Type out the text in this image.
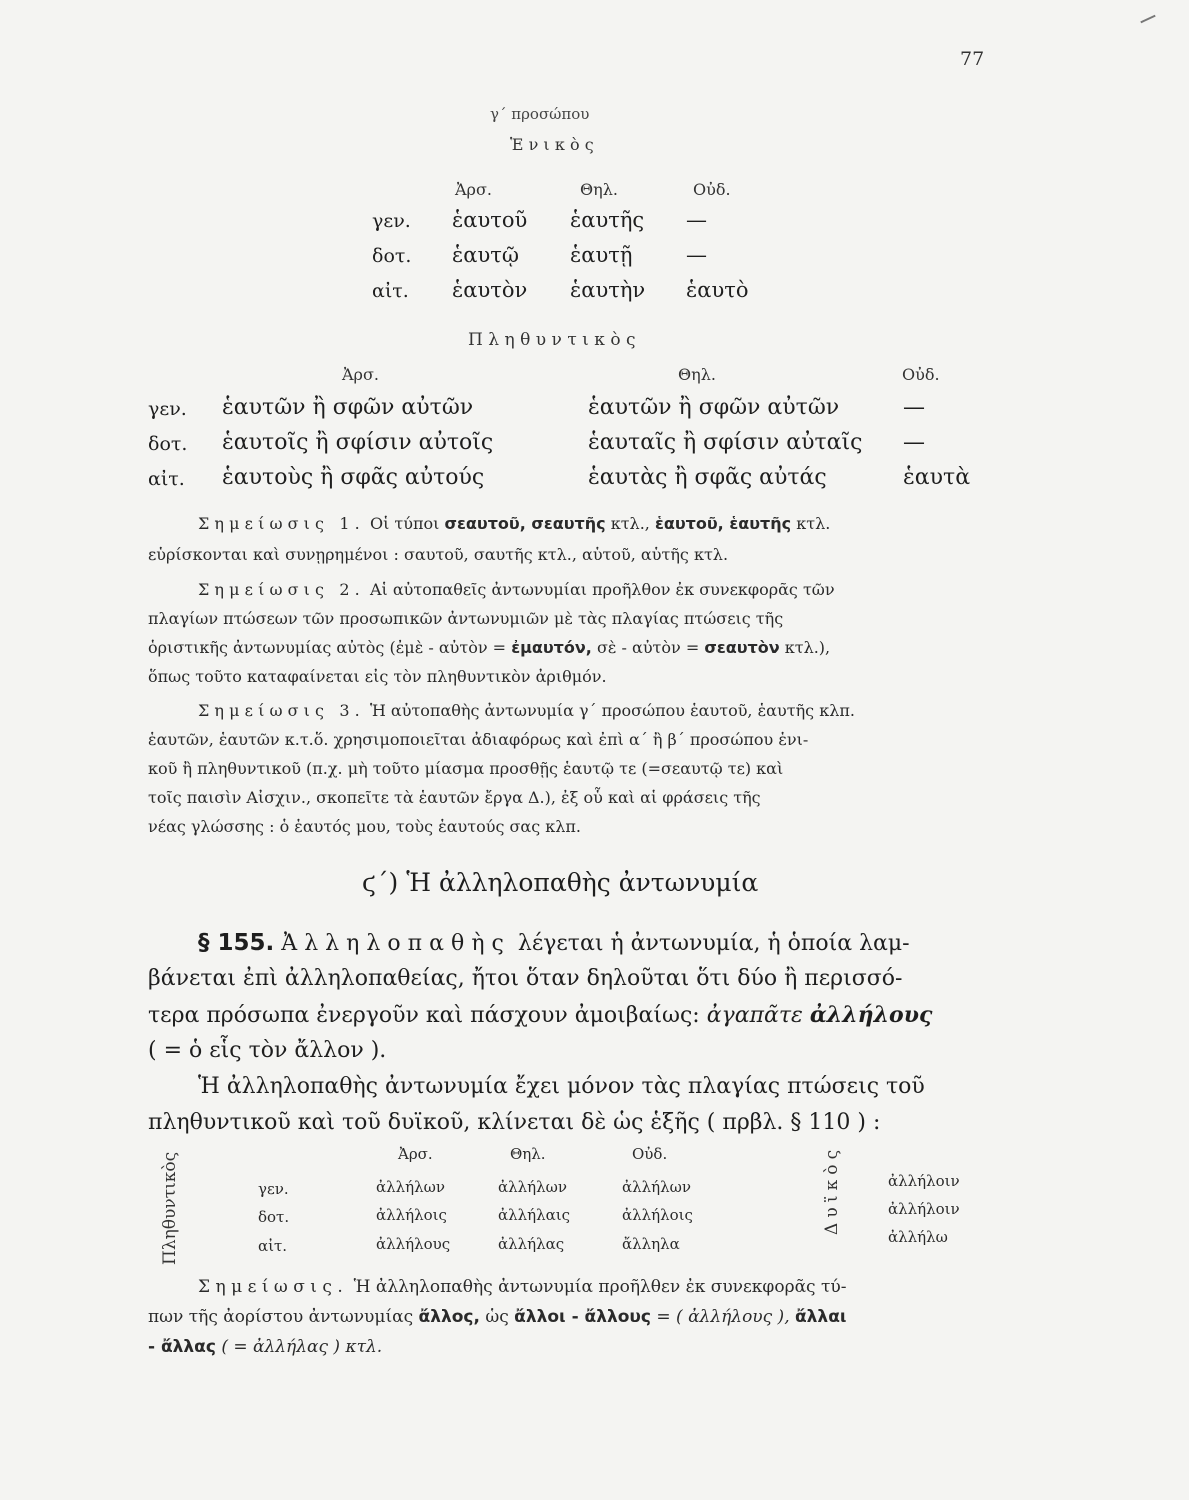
77
γ΄ προσώπου
Ἑνικὸς
Ἀρσ.	Θηλ.	Οὐδ.
γεν. ἑαυτοῦ ἑαυτῆς —
δοτ. ἑαυτῷ ἑαυτῇ	—
αἰτ. ἑαυτὸν ἑαυτὴν ἑαυτὸ
Πληθυντικὸς
Ἀρσ.	Θηλ.	Οὐδ.
γεν. ἑαυτῶν ἢ σφῶν αὐτῶν	ἑαυτῶν ἢ σφῶν αὐτῶν	—
δοτ. ἑαυτοῖς ἢ σφίσιν αὐτοῖς	ἑαυταῖς ἢ σφίσιν αὐταῖς —
αἰτ. ἑαυτοὺς ἢ σφᾶς αὐτούς	ἑαυτὰς ἢ σφᾶς αὐτάς	ἑαυτὰ
Σημείωσις 1. Οἱ τύποι σεαυτοῦ, σεαυτῆς κτλ., ἑαυτοῦ, ἑαυτῆς κτλ.
εὑρίσκονται καὶ συνῃρημένοι : σαυτοῦ, σαυτῆς κτλ., αὑτοῦ, αὑτῆς κτλ.
Σημείωσις 2. Αἱ αὐτοπαθεῖς ἀντωνυμίαι προῆλθον ἐκ συνεκφορᾶς τῶν
πλαγίων πτώσεων τῶν προσωπικῶν ἀντωνυμιῶν μὲ τὰς πλαγίας πτώσεις τῆς
ὁριστικῆς ἀντωνυμίας αὐτὸς (ἐμὲ - αὐτὸν = ἐμαυτόν, σὲ - αὐτὸν = σεαυτὸν κτλ.),
ὅπως τοῦτο καταφαίνεται εἰς τὸν πληθυντικὸν ἀριθμόν.
Σημείωσις 3. Ἡ αὐτοπαθὴς ἀντωνυμία γ΄ προσώπου ἑαυτοῦ, ἑαυτῆς κλπ.
ἑαυτῶν, ἑαυτῶν κ.τ.ὅ. χρησιμοποιεῖται ἀδιαφόρως καὶ ἐπὶ α΄ ἢ β΄ προσώπου ἑνι-
κοῦ ἢ πληθυντικοῦ (π.χ. μὴ τοῦτο μίασμα προσθῇς ἑαυτῷ τε (=σεαυτῷ τε) καὶ
τοῖς παισὶν Αἰσχιν., σκοπεῖτε τὰ ἑαυτῶν ἔργα Δ.), ἐξ οὗ καὶ αἱ φράσεις τῆς
νέας γλώσσης : ὁ ἑαυτός μου, τοὺς ἑαυτούς σας κλπ.
ϛ΄) Ἡ ἀλληλοπαθὴς ἀντωνυμία
§ 155. Ἀλληλοπαθὴς λέγεται ἡ ἀντωνυμία, ἡ ὁποία λαμ-
βάνεται ἐπὶ ἀλληλοπαθείας, ἤτοι ὅταν δηλοῦται ὅτι δύο ἢ περισσό-
τερα πρόσωπα ἐνεργοῦν καὶ πάσχουν ἀμοιβαίως: ἀγαπᾶτε ἀλλήλους
( = ὁ εἷς τὸν ἄλλον ).
Ἡ ἀλληλοπαθὴς ἀντωνυμία ἔχει μόνον τὰς πλαγίας πτώσεις τοῦ
πληθυντικοῦ καὶ τοῦ δυϊκοῦ, κλίνεται δὲ ὡς ἑξῆς ( πρβλ. § 110 ) :
Πληθυντικὸς	Δυϊκὸς
Ἀρσ.	Θηλ.	Οὐδ.
γεν.	ἀλλήλων	ἀλλήλων	ἀλλήλων	ἀλλήλοιν
δοτ.	ἀλλήλοις	ἀλλήλαις	ἀλλήλοις	ἀλλήλοιν
αἰτ.	ἀλλήλους	ἀλλήλας	ἄλληλα	ἀλλήλω
Σημείωσις. Ἡ ἀλληλοπαθὴς ἀντωνυμία προῆλθεν ἐκ συνεκφορᾶς τύ-
πων τῆς ἀορίστου ἀντωνυμίας ἄλλος, ὡς ἄλλοι - ἄλλους = ( ἀλλήλους ), ἄλλαι
- ἄλλας ( = ἀλλήλας ) κτλ.
